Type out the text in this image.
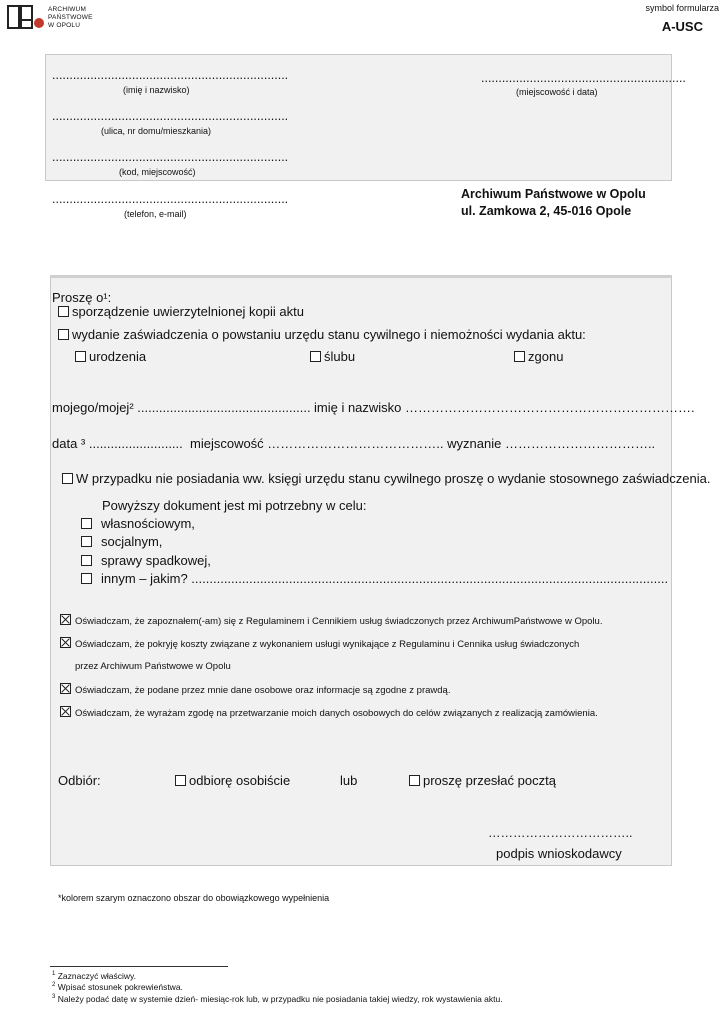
ARCHIWUM
PAŃSTWOWE
W OPOLU
symbol formularza
A-USC
....................................................................
(imię i nazwisko)
....................................................................
(ulica, nr domu/mieszkania)
....................................................................
(kod, miejscowość)
....................................................................
(telefon, e-mail)
...........................................................
(miejscowość i data)
Archiwum Państwowe w Opolu
ul. Zamkowa 2, 45-016 Opole
Proszę o¹:
sporządzenie uwierzytelnionej kopii aktu
wydanie zaświadczenia o powstaniu urzędu stanu cywilnego i niemożności wydania aktu:
urodzenia	ślubu	zgonu
mojego/mojej² ................................................ imię i nazwisko ………………………………………………………….
data ³ .......................... miejscowość ………………………………….. wyznanie ……………………………..
W przypadku nie posiadania ww. księgi urzędu stanu cywilnego proszę o wydanie stosownego zaświadczenia.
Powyższy dokument jest mi potrzebny w celu:
własnościowym,
socjalnym,
sprawy spadkowej,
innym – jakim? ....................................................................................................................................
Oświadczam, że zapoznałem(-am) się z Regulaminem i Cennikiem usług świadczonych przez ArchiwumPaństwowe w Opolu.
Oświadczam, że pokryję koszty związane z wykonaniem usługi wynikające z Regulaminu i Cennika usług świadczonych
przez Archiwum Państwowe w Opolu
Oświadczam, że podane przez mnie dane osobowe oraz informacje są zgodne z prawdą.
Oświadczam, że wyrażam zgodę na przetwarzanie moich danych osobowych do celów związanych z realizacją zamówienia.
Odbiór:	odbiorę osobiście	lub	proszę przesłać pocztą
……………………………..
podpis wnioskodawcy
*kolorem szarym oznaczono obszar do obowiązkowego wypełnienia
$^1$ Zaznaczyć właściwy.
$^2$ Wpisać stosunek pokrewieństwa.
$^3$ Należy podać datę w systemie dzień- miesiąc-rok lub, w przypadku nie posiadania takiej wiedzy, rok wystawienia aktu.
